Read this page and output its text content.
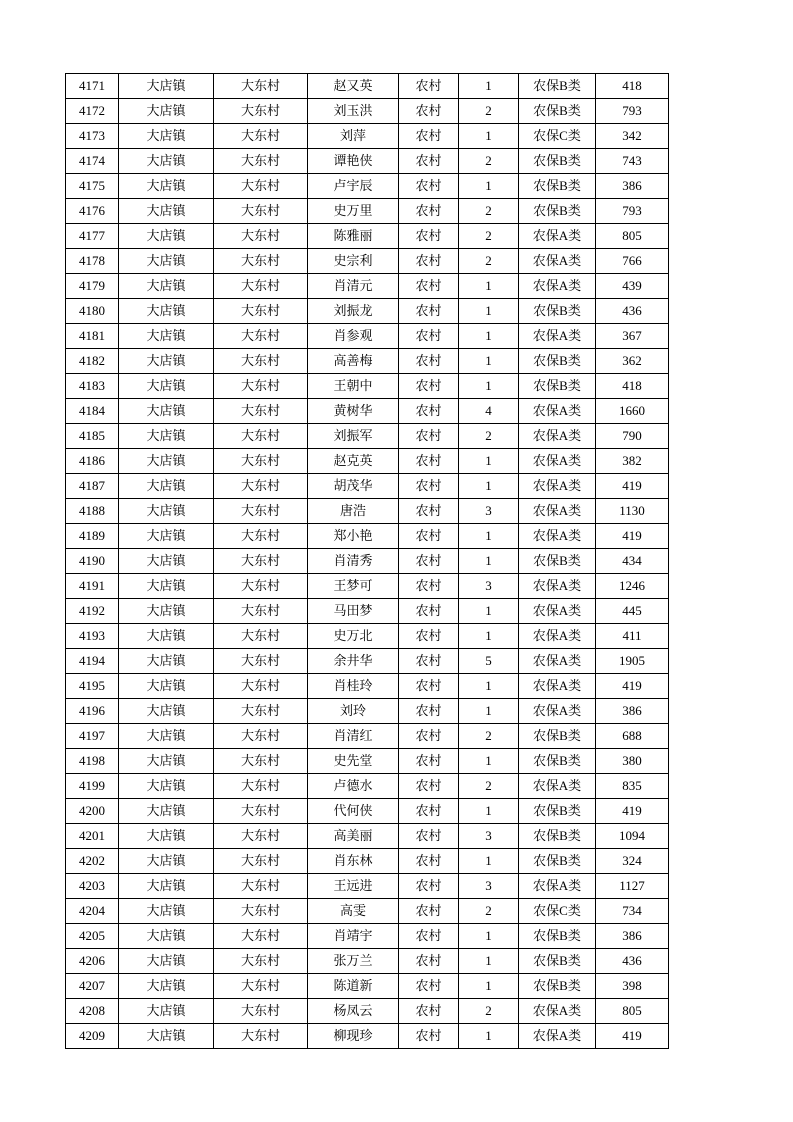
4171	大店镇	大东村	赵又英	农村	1	农保B类	418
4172	大店镇	大东村	刘玉洪	农村	2	农保B类	793
4173	大店镇	大东村	刘萍	农村	1	农保C类	342
4174	大店镇	大东村	谭艳侠	农村	2	农保B类	743
4175	大店镇	大东村	卢宇辰	农村	1	农保B类	386
4176	大店镇	大东村	史万里	农村	2	农保B类	793
4177	大店镇	大东村	陈雅丽	农村	2	农保A类	805
4178	大店镇	大东村	史宗利	农村	2	农保A类	766
4179	大店镇	大东村	肖清元	农村	1	农保A类	439
4180	大店镇	大东村	刘振龙	农村	1	农保B类	436
4181	大店镇	大东村	肖参观	农村	1	农保A类	367
4182	大店镇	大东村	高善梅	农村	1	农保B类	362
4183	大店镇	大东村	王朝中	农村	1	农保B类	418
4184	大店镇	大东村	黄树华	农村	4	农保A类	1660
4185	大店镇	大东村	刘振军	农村	2	农保A类	790
4186	大店镇	大东村	赵克英	农村	1	农保A类	382
4187	大店镇	大东村	胡茂华	农村	1	农保A类	419
4188	大店镇	大东村	唐浩	农村	3	农保A类	1130
4189	大店镇	大东村	郑小艳	农村	1	农保A类	419
4190	大店镇	大东村	肖清秀	农村	1	农保B类	434
4191	大店镇	大东村	王梦可	农村	3	农保A类	1246
4192	大店镇	大东村	马田梦	农村	1	农保A类	445
4193	大店镇	大东村	史万北	农村	1	农保A类	411
4194	大店镇	大东村	余井华	农村	5	农保A类	1905
4195	大店镇	大东村	肖桂玲	农村	1	农保A类	419
4196	大店镇	大东村	刘玲	农村	1	农保A类	386
4197	大店镇	大东村	肖清红	农村	2	农保B类	688
4198	大店镇	大东村	史先堂	农村	1	农保B类	380
4199	大店镇	大东村	卢德水	农村	2	农保A类	835
4200	大店镇	大东村	代何侠	农村	1	农保B类	419
4201	大店镇	大东村	高美丽	农村	3	农保B类	1094
4202	大店镇	大东村	肖东林	农村	1	农保B类	324
4203	大店镇	大东村	王远进	农村	3	农保A类	1127
4204	大店镇	大东村	高雯	农村	2	农保C类	734
4205	大店镇	大东村	肖靖宇	农村	1	农保B类	386
4206	大店镇	大东村	张万兰	农村	1	农保B类	436
4207	大店镇	大东村	陈道新	农村	1	农保B类	398
4208	大店镇	大东村	杨凤云	农村	2	农保A类	805
4209	大店镇	大东村	柳现珍	农村	1	农保A类	419
